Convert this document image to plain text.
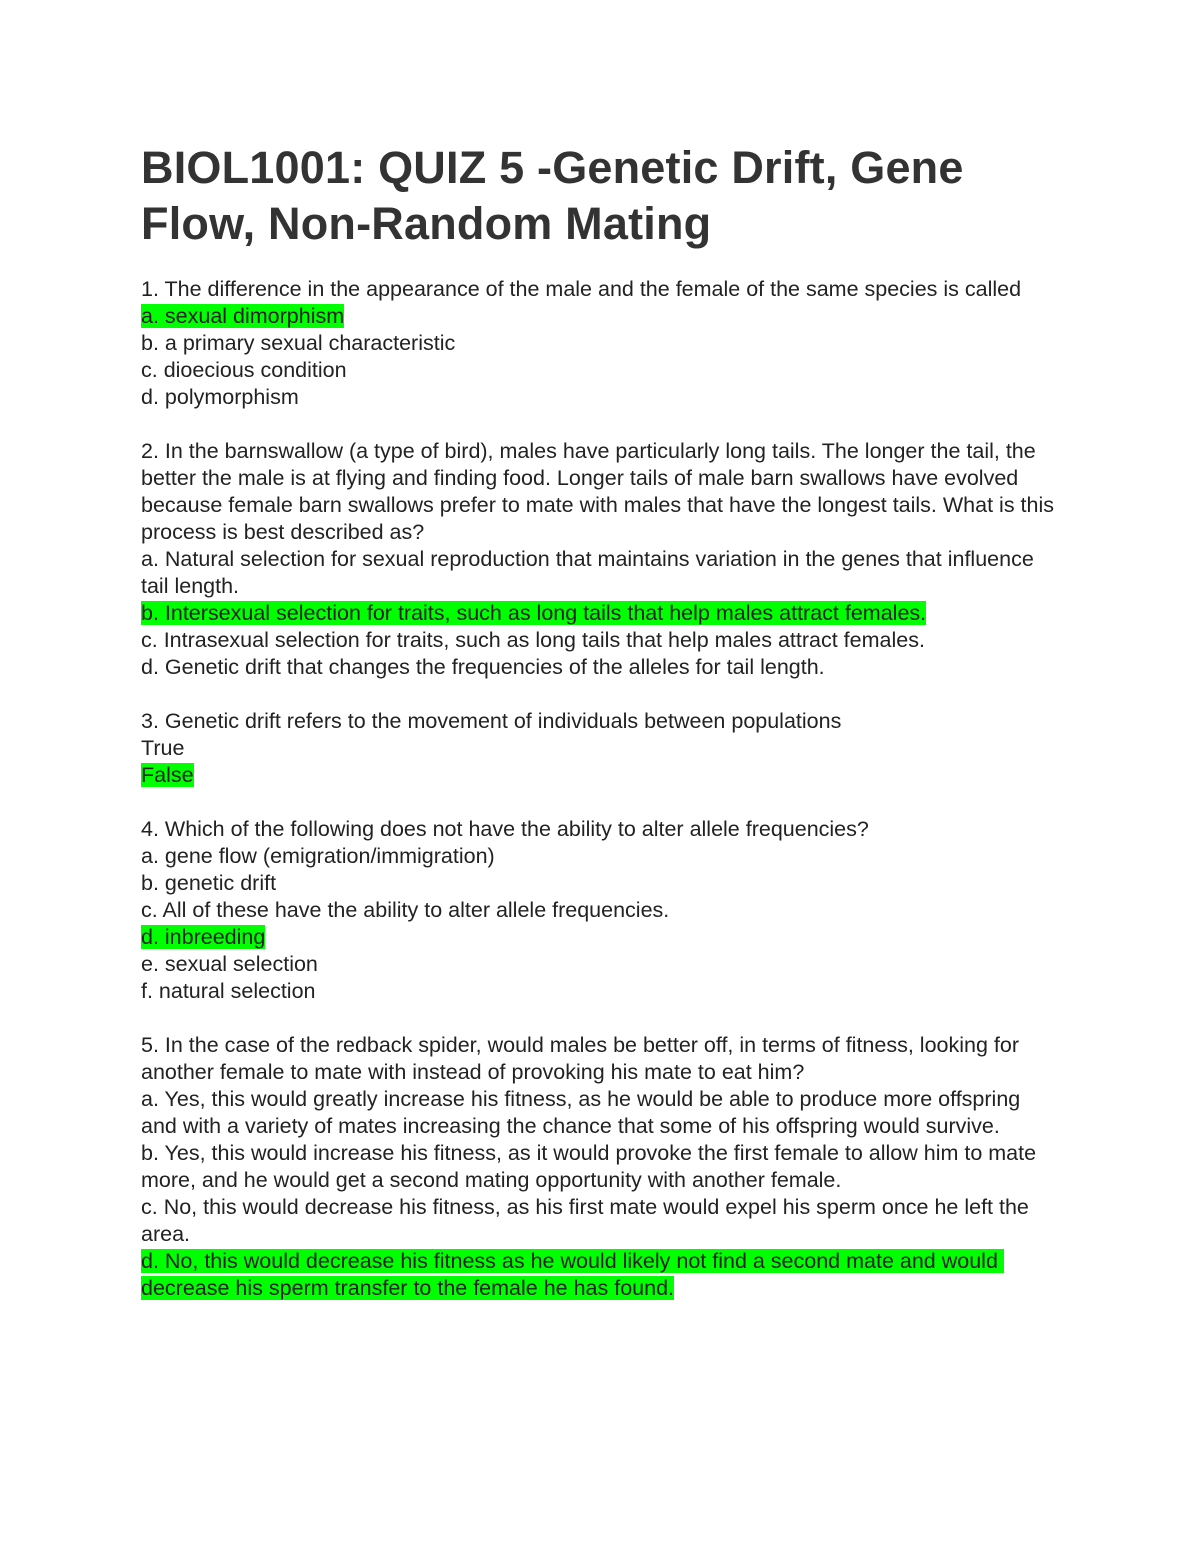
BIOL1001: QUIZ 5 -Genetic Drift, Gene Flow, Non-Random Mating
1. The difference in the appearance of the male and the female of the same species is called
a. sexual dimorphism
b. a primary sexual characteristic
c. dioecious condition
d. polymorphism
2. In the barnswallow (a type of bird), males have particularly long tails. The longer the tail, the better the male is at flying and finding food. Longer tails of male barn swallows have evolved because female barn swallows prefer to mate with males that have the longest tails. What is this process is best described as?
a. Natural selection for sexual reproduction that maintains variation in the genes that influence tail length.
b. Intersexual selection for traits, such as long tails that help males attract females.
c. Intrasexual selection for traits, such as long tails that help males attract females.
d. Genetic drift that changes the frequencies of the alleles for tail length.
3. Genetic drift refers to the movement of individuals between populations
True
False
4. Which of the following does not have the ability to alter allele frequencies?
a. gene flow (emigration/immigration)
b. genetic drift
c. All of these have the ability to alter allele frequencies.
d. inbreeding
e. sexual selection
f. natural selection
5. In the case of the redback spider, would males be better off, in terms of fitness, looking for another female to mate with instead of provoking his mate to eat him?
a. Yes, this would greatly increase his fitness, as he would be able to produce more offspring and with a variety of mates increasing the chance that some of his offspring would survive.
b. Yes, this would increase his fitness, as it would provoke the first female to allow him to mate more, and he would get a second mating opportunity with another female.
c. No, this would decrease his fitness, as his first mate would expel his sperm once he left the area.
d. No, this would decrease his fitness as he would likely not find a second mate and would decrease his sperm transfer to the female he has found.
